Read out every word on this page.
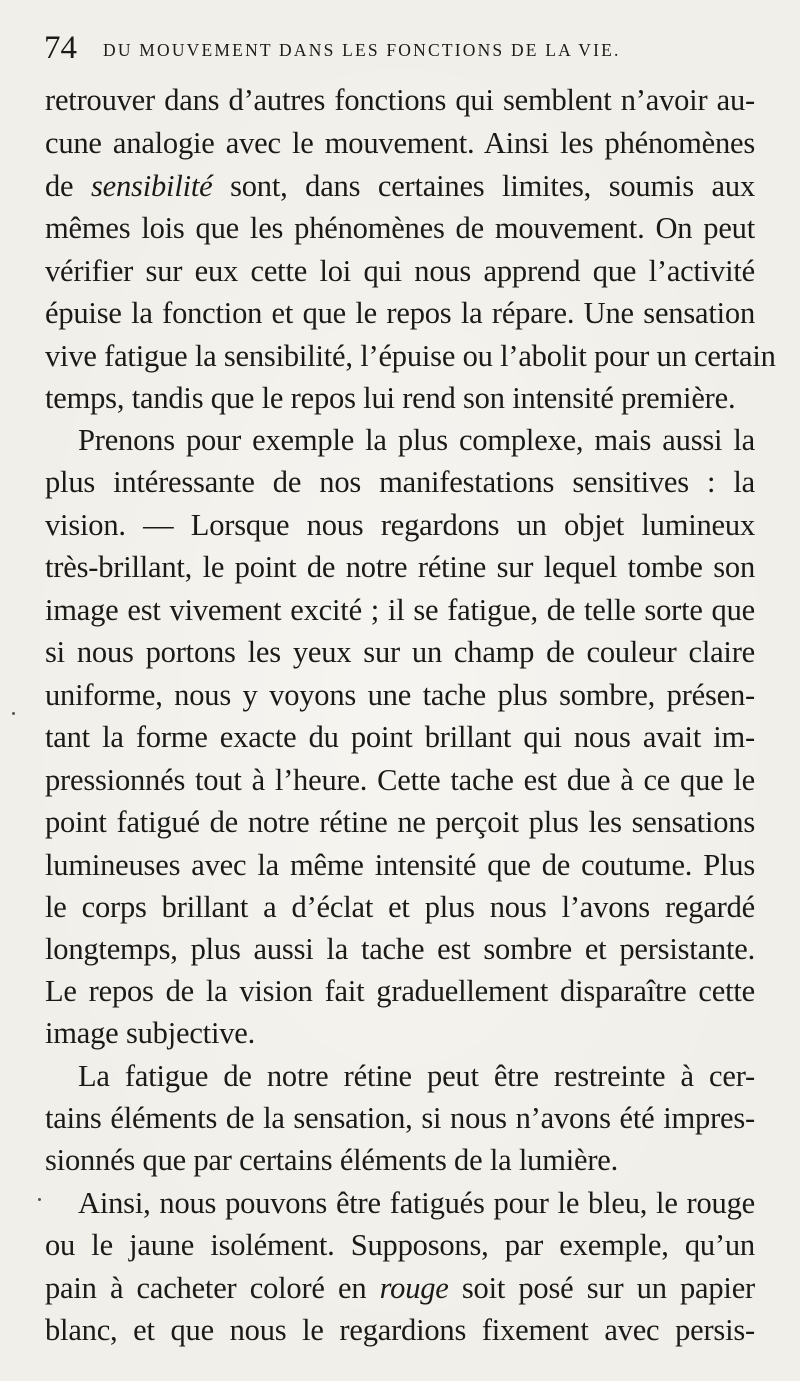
74 DU MOUVEMENT DANS LES FONCTIONS DE LA VIE.
retrouver dans d’autres fonctions qui semblent n’avoir au-
cune analogie avec le mouvement. Ainsi les phénomènes
de sensibilité sont, dans certaines limites, soumis aux
mêmes lois que les phénomènes de mouvement. On peut
vérifier sur eux cette loi qui nous apprend que l’activité
épuise la fonction et que le repos la répare. Une sensation
vive fatigue la sensibilité, l’épuise ou l’abolit pour un certain
temps, tandis que le repos lui rend son intensité première.
Prenons pour exemple la plus complexe, mais aussi la
plus intéressante de nos manifestations sensitives : la
vision. — Lorsque nous regardons un objet lumineux
très-brillant, le point de notre rétine sur lequel tombe son
image est vivement excité ; il se fatigue, de telle sorte que
si nous portons les yeux sur un champ de couleur claire
uniforme, nous y voyons une tache plus sombre, présen-
tant la forme exacte du point brillant qui nous avait im-
pressionnés tout à l’heure. Cette tache est due à ce que le
point fatigué de notre rétine ne perçoit plus les sensations
lumineuses avec la même intensité que de coutume. Plus
le corps brillant a d’éclat et plus nous l’avons regardé
longtemps, plus aussi la tache est sombre et persistante.
Le repos de la vision fait graduellement disparaître cette
image subjective.
La fatigue de notre rétine peut être restreinte à cer-
tains éléments de la sensation, si nous n’avons été impres-
sionnés que par certains éléments de la lumière.
Ainsi, nous pouvons être fatigués pour le bleu, le rouge
ou le jaune isolément. Supposons, par exemple, qu’un
pain à cacheter coloré en rouge soit posé sur un papier
blanc, et que nous le regardions fixement avec persis-
